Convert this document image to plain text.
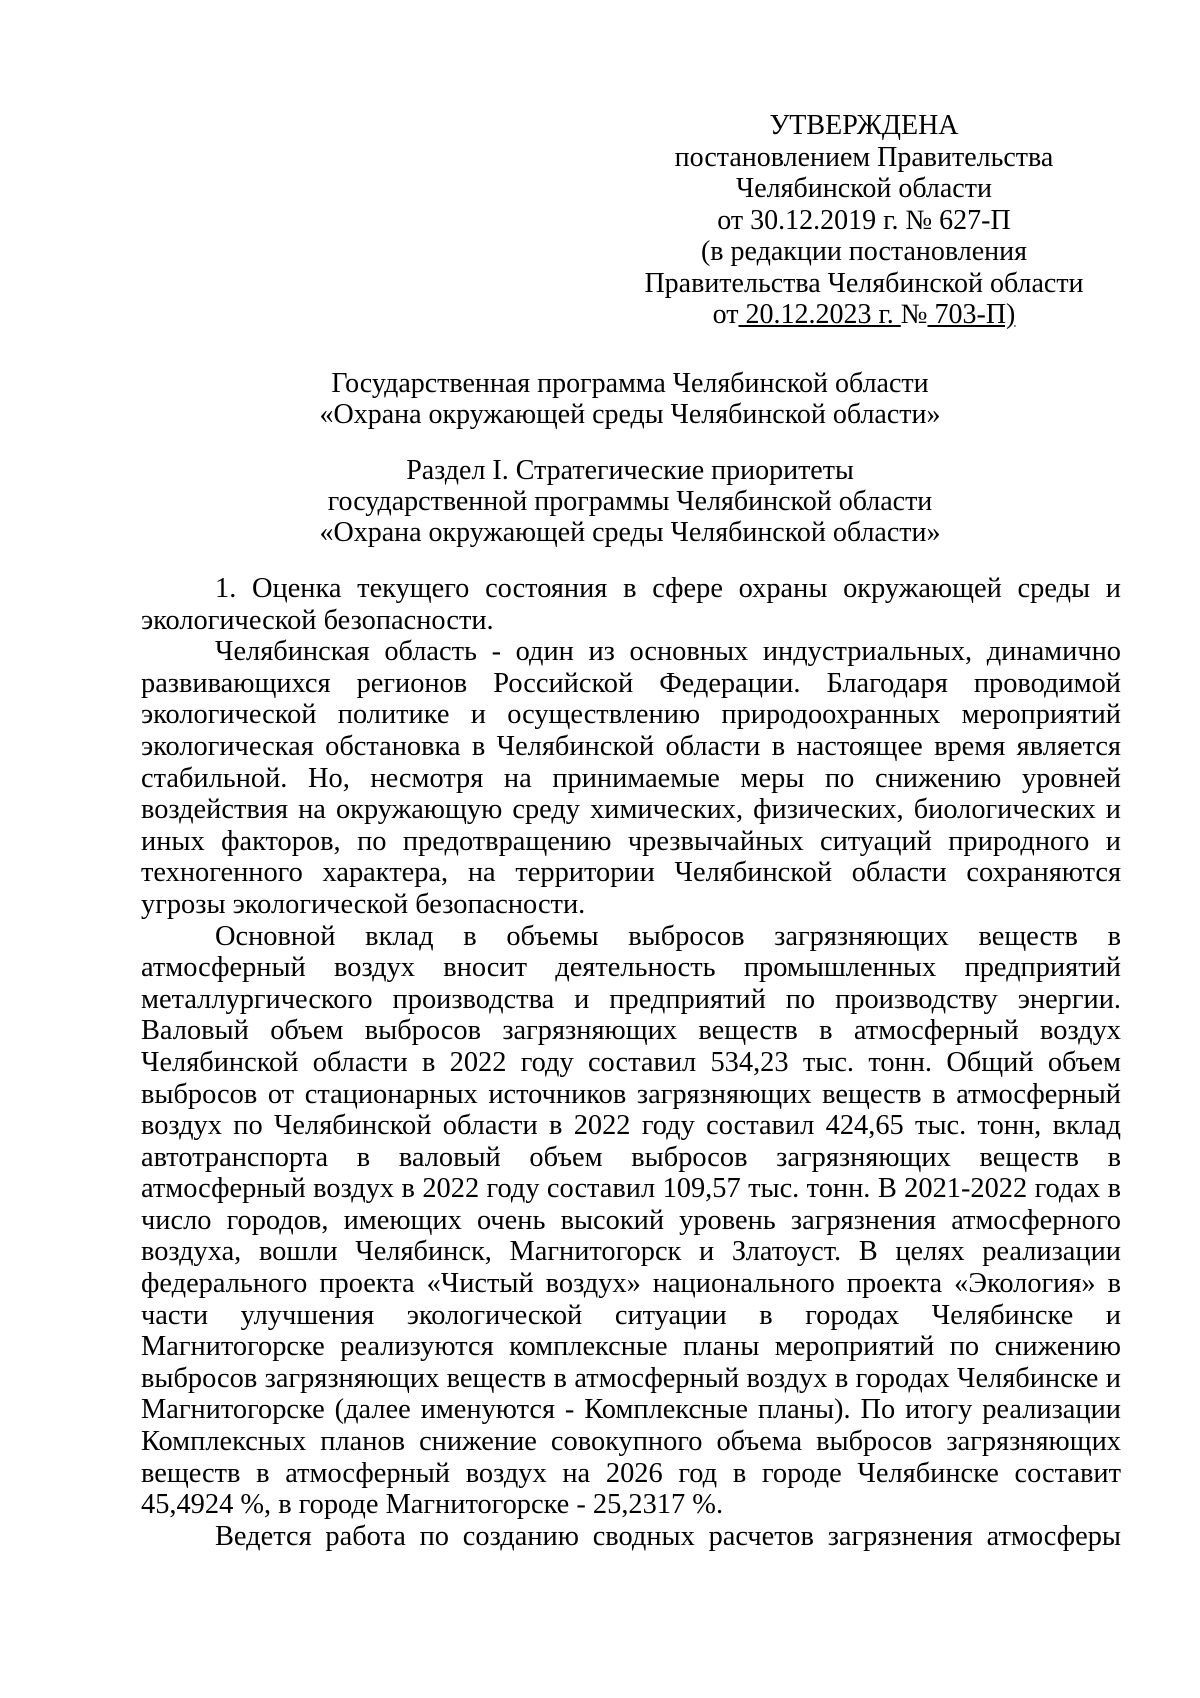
УТВЕРЖДЕНА
постановлением Правительства
Челябинской области
от 30.12.2019 г. № 627-П
(в редакции постановления
Правительства Челябинской области
от 20.12.2023 г. № 703-П)
Государственная программа Челябинской области
«Охрана окружающей среды Челябинской области»
Раздел I. Стратегические приоритеты
государственной программы Челябинской области
«Охрана окружающей среды Челябинской области»

1. Оценка текущего состояния в сфере охраны окружающей среды и экологической безопасности.

Челябинская область - один из основных индустриальных, динамично развивающихся регионов Российской Федерации. Благодаря проводимой экологической политике и осуществлению природоохранных мероприятий экологическая обстановка в Челябинской области в настоящее время является стабильной. Но, несмотря на принимаемые меры по снижению уровней воздействия на окружающую среду химических, физических, биологических и иных факторов, по предотвращению чрезвычайных ситуаций природного и техногенного характера, на территории Челябинской области сохраняются угрозы экологической безопасности.

Основной вклад в объемы выбросов загрязняющих веществ в атмосферный воздух вносит деятельность промышленных предприятий металлургического производства и предприятий по производству энергии. Валовый объем выбросов загрязняющих веществ в атмосферный воздух Челябинской области в 2022 году составил 534,23 тыс. тонн. Общий объем выбросов от стационарных источников загрязняющих веществ в атмосферный воздух по Челябинской области в 2022 году составил 424,65 тыс. тонн, вклад автотранспорта в валовый объем выбросов загрязняющих веществ в атмосферный воздух в 2022 году составил 109,57 тыс. тонн. В 2021-2022 годах в число городов, имеющих очень высокий уровень загрязнения атмосферного воздуха, вошли Челябинск, Магнитогорск и Златоуст. В целях реализации федерального проекта «Чистый воздух» национального проекта «Экология» в части улучшения экологической ситуации в городах Челябинске и Магнитогорске реализуются комплексные планы мероприятий по снижению выбросов загрязняющих веществ в атмосферный воздух в городах Челябинске и Магнитогорске (далее именуются - Комплексные планы). По итогу реализации Комплексных планов снижение совокупного объема выбросов загрязняющих веществ в атмосферный воздух на 2026 год в городе Челябинске составит 45,4924 %, в городе Магнитогорске - 25,2317 %.

Ведется работа по созданию сводных расчетов загрязнения атмосферы
